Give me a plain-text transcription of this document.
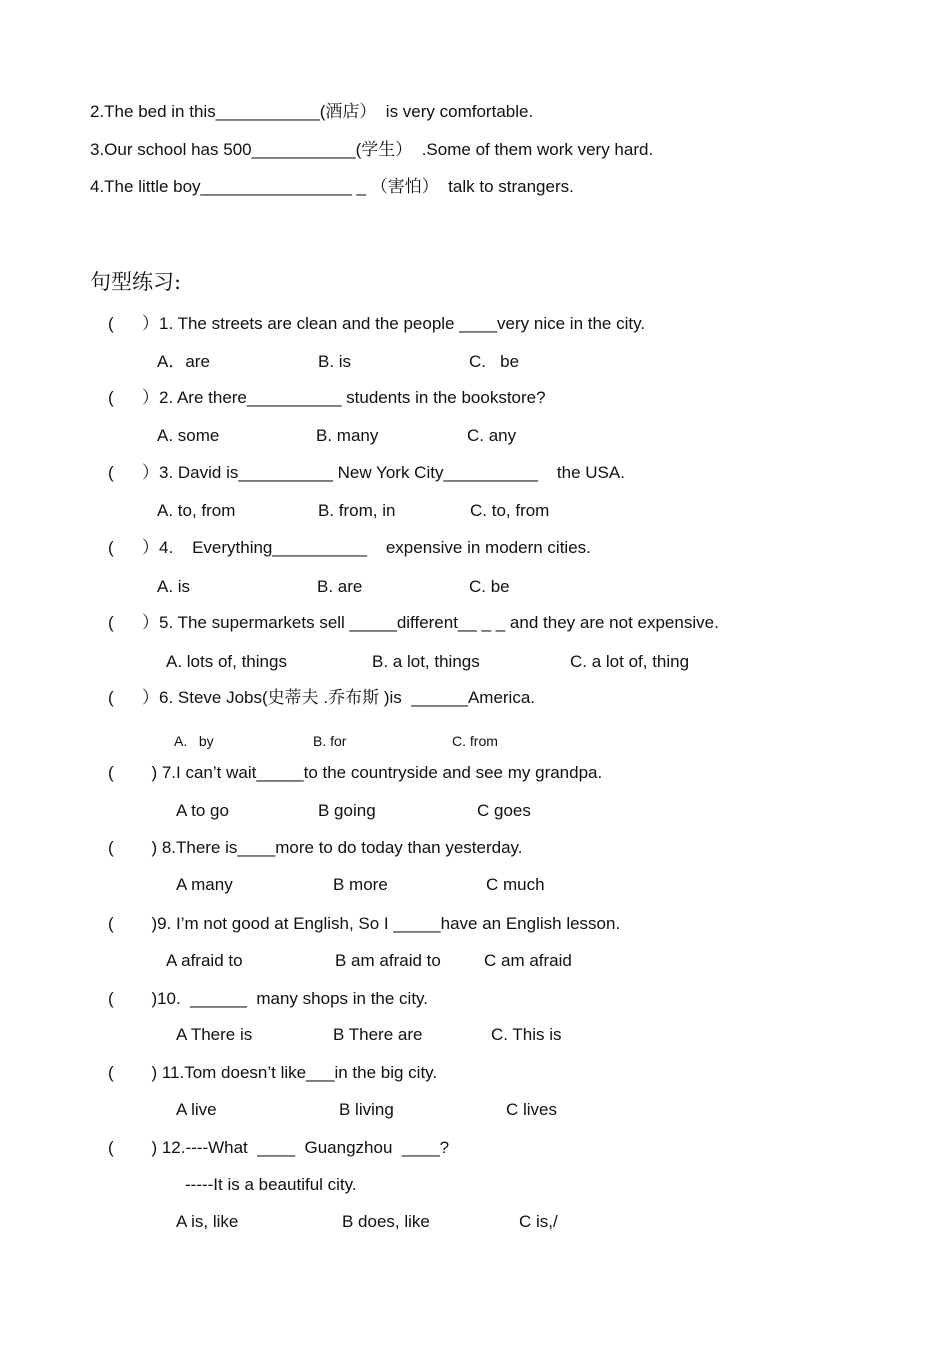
2.The bed in this___________(酒店）  is very comfortable.
3.Our school has 500___________(学生）  .Some of them work very hard.
4.The little boy________________ _ （害怕）  talk to strangers.
句型练习:
(      ）1. The streets are clean and the people ____very nice in the city.
A．are	B. is	C.   be
(      ）2. Are there__________ students in the bookstore?
A. some	B. many	C. any
(      ）3. David is__________ New York City__________    the USA.
A. to, from	B. from, in	C. to, from
(      ）4.    Everything__________    expensive in modern cities.
A. is	B. are	C. be
(      ）5. The supermarkets sell _____different__ _ _ and they are not expensive.
A. lots of, things	B. a lot, things	C. a lot of, thing
(      ）6. Steve Jobs(史蒂夫 .乔布斯 )is  ______America.
A.   by	B. for	C. from
(        ) 7.I can’t wait_____to the countryside and see my grandpa.
A to go	B going	C goes
(        ) 8.There is____more to do today than yesterday.
A many	B more	C much
(        )9. I’m not good at English, So I _____have an English lesson.
A afraid to	B am afraid to	C am afraid
(        )10.  ______  many shops in the city.
A There is	B There are	C. This is
(        ) 11.Tom doesn’t like___in the big city.
A live	B living	C lives
(        ) 12.----What  ____  Guangzhou  ____?
A is, like	B does, like	C is,/
-----It is a beautiful city.
